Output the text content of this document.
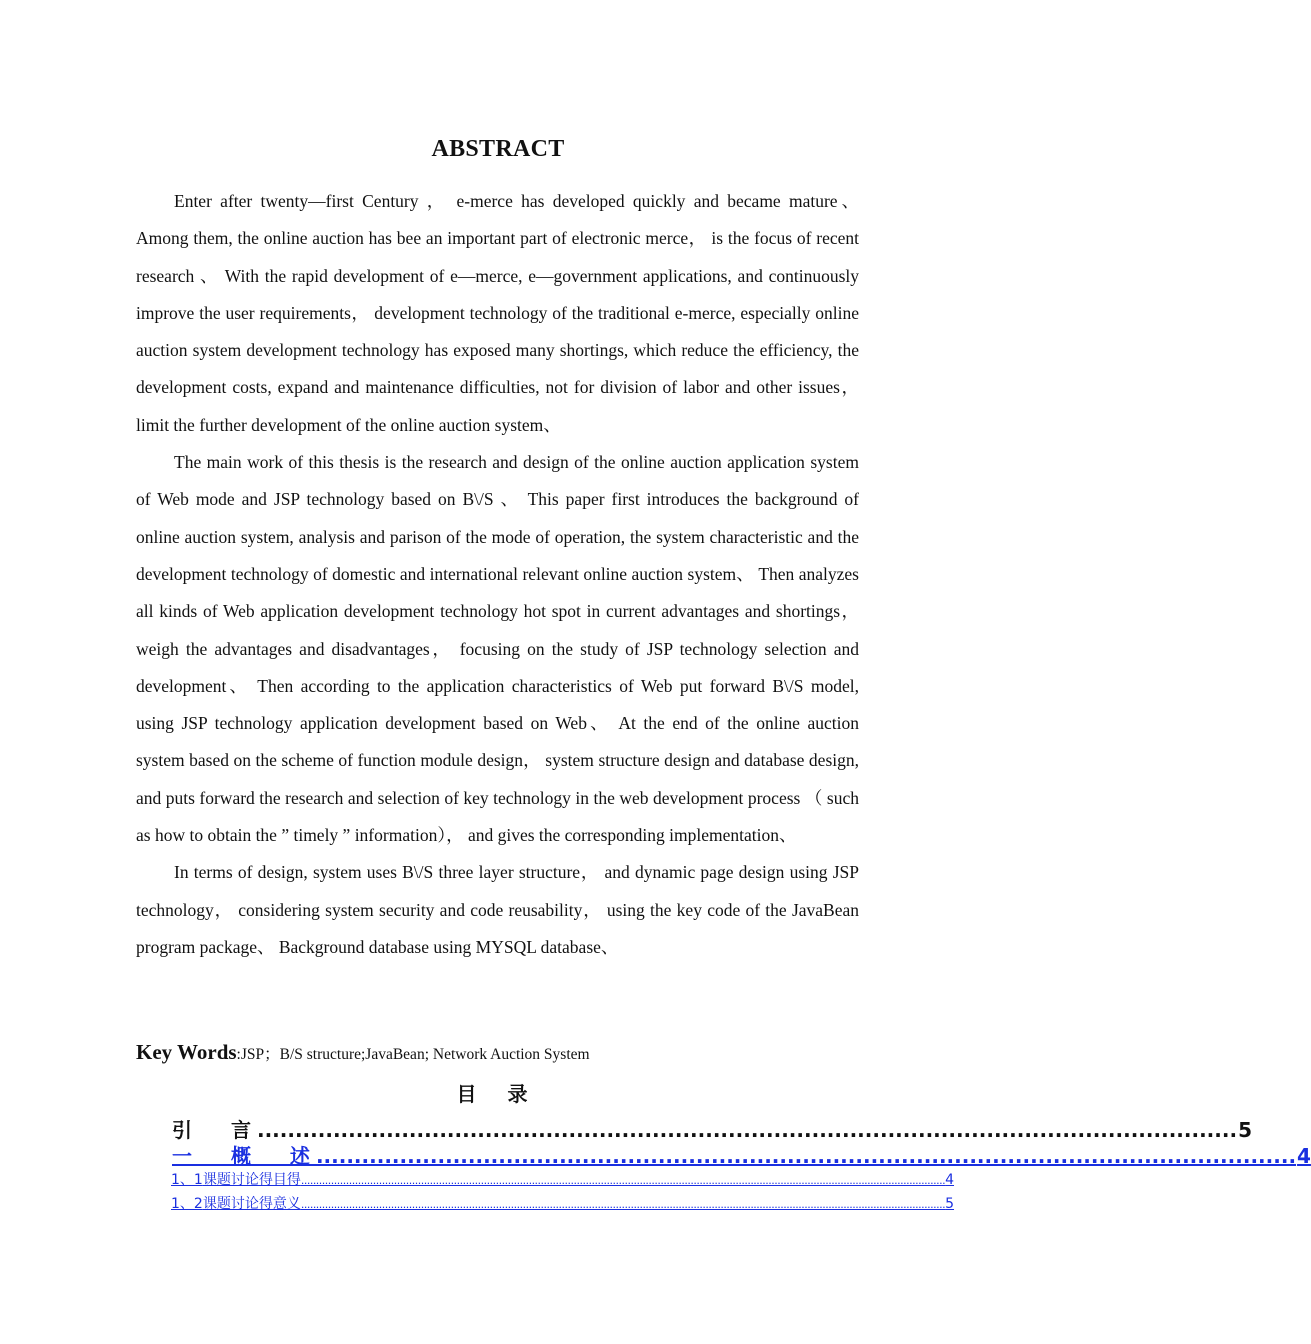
ABSTRACT

Enter after twenty—first Century ， e-merce has developed quickly and became mature、 Among them, the online auction has bee an important part of electronic merce， is the focus of recent research 、 With the rapid development of e—merce, e—government applications, and continuously improve the user requirements， development technology of the traditional e-merce, especially online auction system development technology has exposed many shortings, which reduce the efficiency, the development costs, expand and maintenance difficulties, not for division of labor and other issues， limit the further development of the online auction system、

The main work of this thesis is the research and design of the online auction application system of Web mode and JSP technology based on B\/S 、 This paper first introduces the background of online auction system, analysis and parison of the mode of operation, the system characteristic and the development technology of domestic and international relevant online auction system、 Then analyzes all kinds of Web application development technology hot spot in current advantages and shortings， weigh the advantages and disadvantages， focusing on the study of JSP technology selection and development、 Then according to the application characteristics of Web put forward B\/S model, using JSP technology application development based on Web、 At the end of the online auction system based on the scheme of function module design， system structure design and database design, and puts forward the research and selection of key technology in the web development process （ such as how to obtain the ” timely ” information）， and gives the corresponding implementation、

In terms of design, system uses B\/S three layer structure， and dynamic page design using JSP technology， considering system security and code reusability， using the key code of the JavaBean program package、 Background database using MYSQL database、

Key Words:JSP；B/S structure;JavaBean; Network Auction System
目 录
引 言
................................................................................................................................. 5
一 概 述
................................................................................................................................. 4
1、1 课题讨论得目得 ....................................................................................................................................................................................................................... 4
1、2 课题讨论得意义 ....................................................................................................................................................................................................................... 5
